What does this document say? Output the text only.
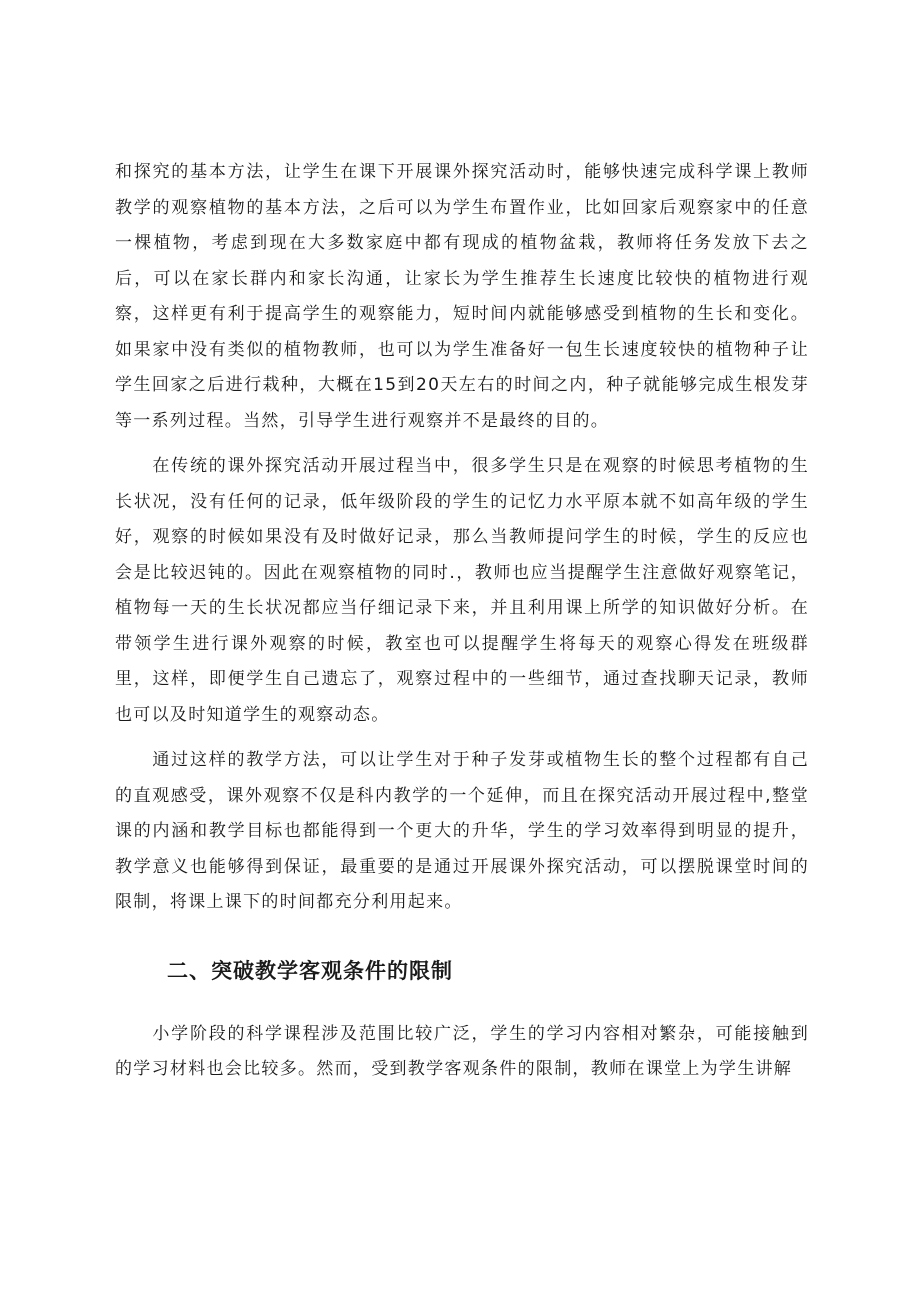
和探究的基本方法，让学生在课下开展课外探究活动时，能够快速完成科学课上教师教学的观察植物的基本方法，之后可以为学生布置作业，比如回家后观察家中的任意一棵植物，考虑到现在大多数家庭中都有现成的植物盆栽，教师将任务发放下去之后，可以在家长群内和家长沟通，让家长为学生推荐生长速度比较快的植物进行观察，这样更有利于提高学生的观察能力，短时间内就能够感受到植物的生长和变化。如果家中没有类似的植物教师，也可以为学生准备好一包生长速度较快的植物种子让学生回家之后进行栽种，大概在15到20天左右的时间之内，种子就能够完成生根发芽等一系列过程。当然，引导学生进行观察并不是最终的目的。

在传统的课外探究活动开展过程当中，很多学生只是在观察的时候思考植物的生长状况，没有任何的记录，低年级阶段的学生的记忆力水平原本就不如高年级的学生好，观察的时候如果没有及时做好记录，那么当教师提问学生的时候，学生的反应也会是比较迟钝的。因此在观察植物的同时.，教师也应当提醒学生注意做好观察笔记，植物每一天的生长状况都应当仔细记录下来，并且利用课上所学的知识做好分析。在带领学生进行课外观察的时候，教室也可以提醒学生将每天的观察心得发在班级群里，这样，即便学生自己遗忘了，观察过程中的一些细节，通过查找聊天记录，教师也可以及时知道学生的观察动态。

通过这样的教学方法，可以让学生对于种子发芽或植物生长的整个过程都有自己的直观感受，课外观察不仅是科内教学的一个延伸，而且在探究活动开展过程中,整堂课的内涵和教学目标也都能得到一个更大的升华，学生的学习效率得到明显的提升，教学意义也能够得到保证，最重要的是通过开展课外探究活动，可以摆脱课堂时间的限制，将课上课下的时间都充分利用起来。

二、突破教学客观条件的限制

小学阶段的科学课程涉及范围比较广泛，学生的学习内容相对繁杂，可能接触到的学习材料也会比较多。然而，受到教学客观条件的限制，教师在课堂上为学生讲解
